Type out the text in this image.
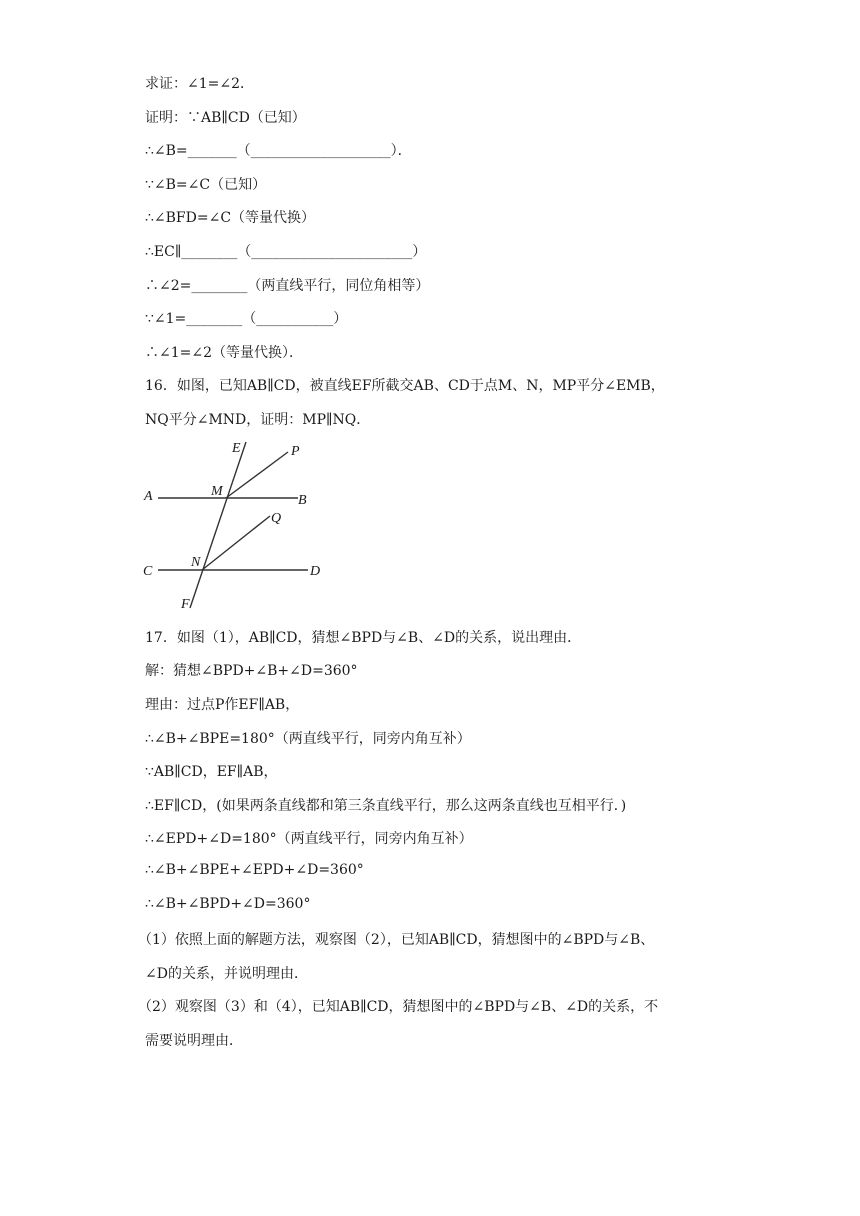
求证：∠1=∠2．
证明：∵AB∥CD（已知）
∴∠B=_______（____________________）．
∵∠B=∠C（已知）
∴∠BFD=∠C（等量代换）
∴EC∥________（_______________________）
∴∠2=________（两直线平行，同位角相等）
∵∠1=________（___________）
∴∠1=∠2（等量代换）．
16．如图，已知AB∥CD，被直线EF所截交AB、CD于点M、N，MP平分∠EMB，
NQ平分∠MND，证明：MP∥NQ．
E	P
A	M
B
Q
C
N
D
F
17．如图（1），AB∥CD，猜想∠BPD与∠B、∠D的关系，说出理由．
解：猜想∠BPD+∠B+∠D=360°
理由：过点P作EF∥AB，
∴∠B+∠BPE=180°（两直线平行，同旁内角互补）
∵AB∥CD，EF∥AB，
∴EF∥CD，(如果两条直线都和第三条直线平行，那么这两条直线也互相平行．)
∴∠EPD+∠D=180°（两直线平行，同旁内角互补）
∴∠B+∠BPE+∠EPD+∠D=360°
∴∠B+∠BPD+∠D=360°
（1）依照上面的解题方法，观察图（2），已知AB∥CD，猜想图中的∠BPD与∠B、
∠D的关系，并说明理由．
（2）观察图（3）和（4），已知AB∥CD，猜想图中的∠BPD与∠B、∠D的关系，不
需要说明理由．
